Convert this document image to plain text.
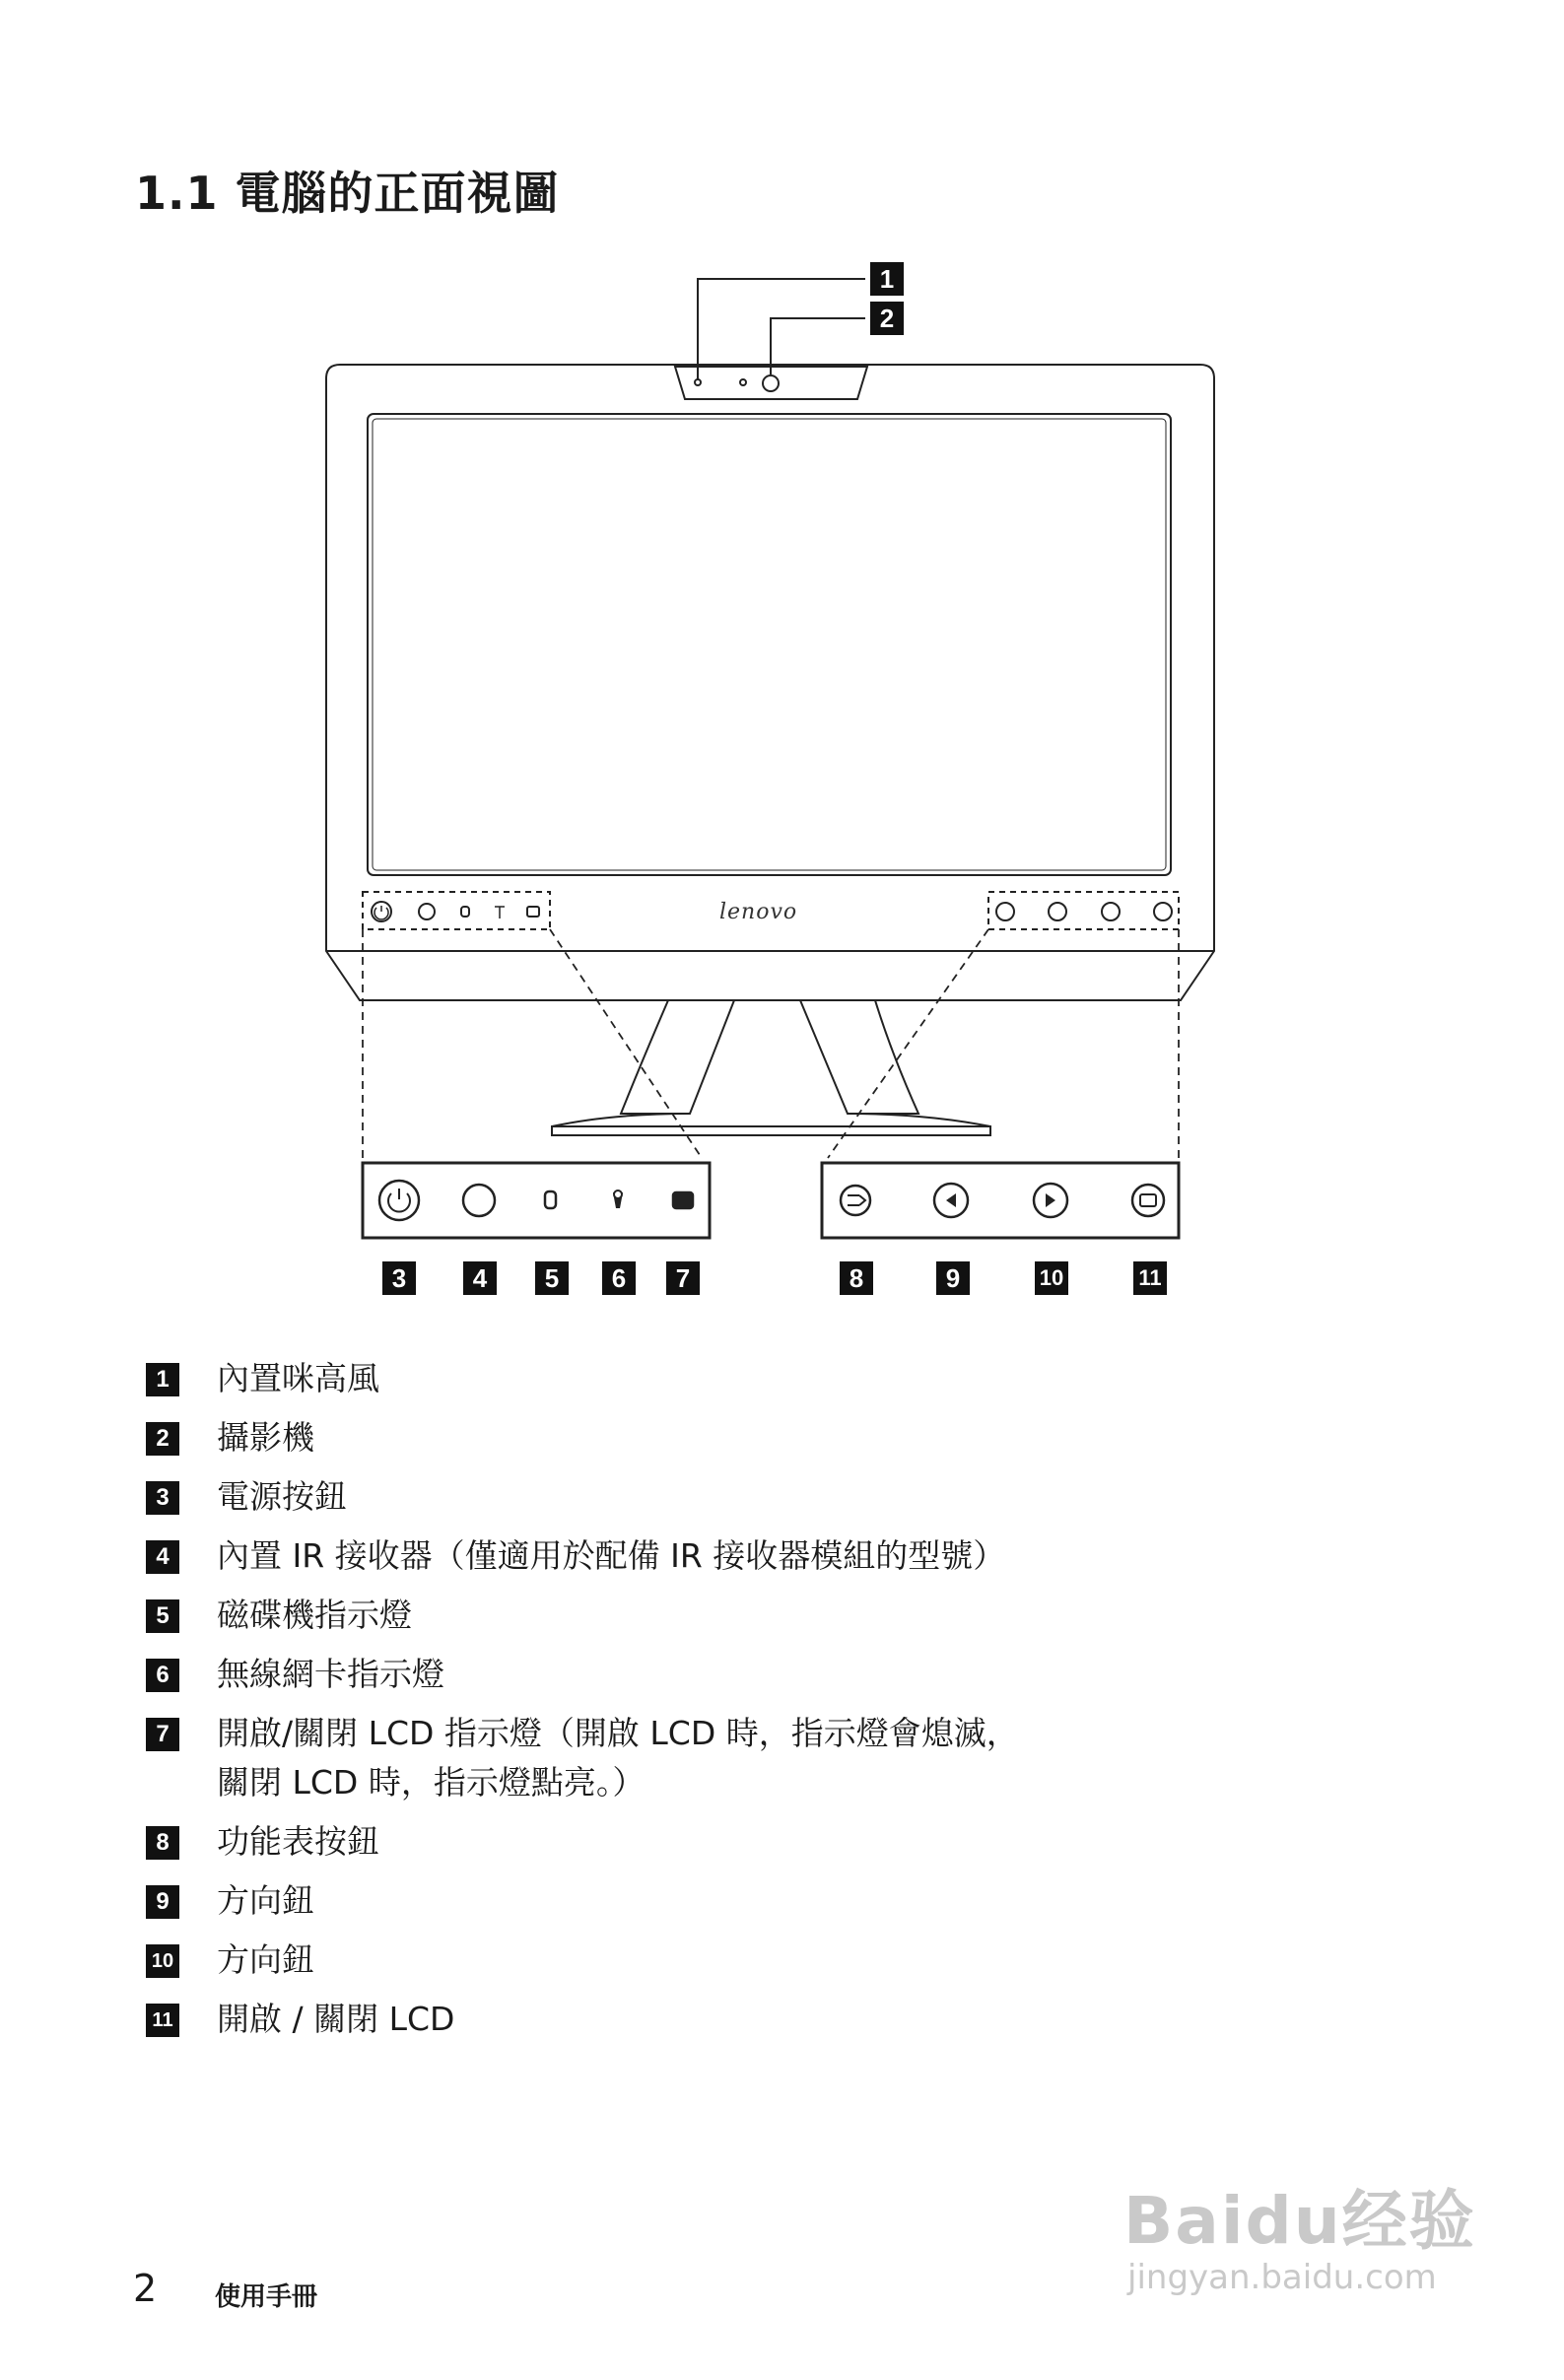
1.1 電腦的正面視圖
lenovo
1
2
3	4	5	6	7	8	9	10	11
1	內置咪高風
2	攝影機
3	電源按鈕
4	內置 IR 接收器（僅適用於配備 IR 接收器模組的型號）
5	磁碟機指示燈
6	無線網卡指示燈
7	開啟/關閉 LCD 指示燈（開啟 LCD 時，指示燈會熄滅，
關閉 LCD 時，指示燈點亮。）
8	功能表按鈕
9	方向鈕
10 方向鈕
11 開啟 / 關閉 LCD
2 使用手冊
Baidu经验
jingyan.baidu.com
